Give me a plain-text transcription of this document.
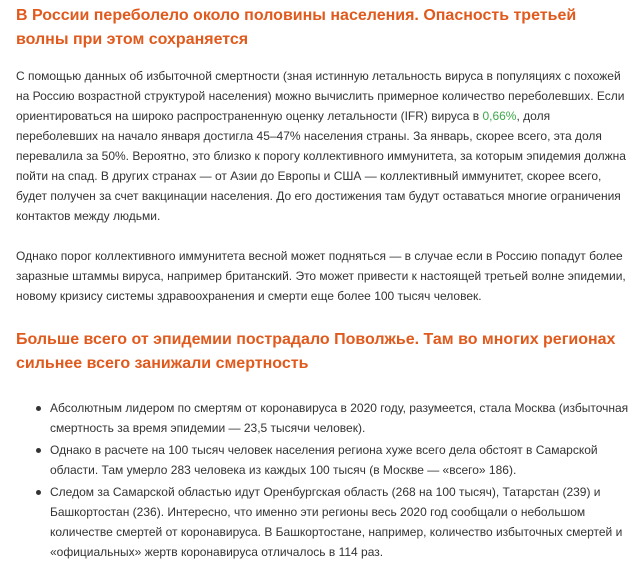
В России переболело около половины населения. Опасность третьей волны при этом сохраняется

С помощью данных об избыточной смертности (зная истинную летальность вируса в популяциях с похожей на Россию возрастной структурой населения) можно вычислить примерное количество переболевших. Если ориентироваться на широко распространенную оценку летальности (IFR) вируса в 0,66%, доля переболевших на начало января достигла 45–47% населения страны. За январь, скорее всего, эта доля перевалила за 50%. Вероятно, это близко к порогу коллективного иммунитета, за которым эпидемия должна пойти на спад. В других странах — от Азии до Европы и США — коллективный иммунитет, скорее всего, будет получен за счет вакцинации населения. До его достижения там будут оставаться многие ограничения контактов между людьми.

Однако порог коллективного иммунитета весной может подняться — в случае если в Россию попадут более заразные штаммы вируса, например британский. Это может привести к настоящей третьей волне эпидемии, новому кризису системы здравоохранения и смерти еще более 100 тысяч человек.

Больше всего от эпидемии пострадало Поволжье. Там во многих регионах сильнее всего занижали смертность
Абсолютным лидером по смертям от коронавируса в 2020 году, разумеется, стала Москва (избыточная смертность за время эпидемии — 23,5 тысячи человек).
Однако в расчете на 100 тысяч человек населения региона хуже всего дела обстоят в Самарской области. Там умерло 283 человека из каждых 100 тысяч (в Москве — «всего» 186).
Следом за Самарской областью идут Оренбургская область (268 на 100 тысяч), Татарстан (239) и Башкортостан (236). Интересно, что именно эти регионы весь 2020 год сообщали о небольшом количестве смертей от коронавируса. В Башкортостане, например, количество избыточных смертей и «официальных» жертв коронавируса отличалось в 114 раз.
